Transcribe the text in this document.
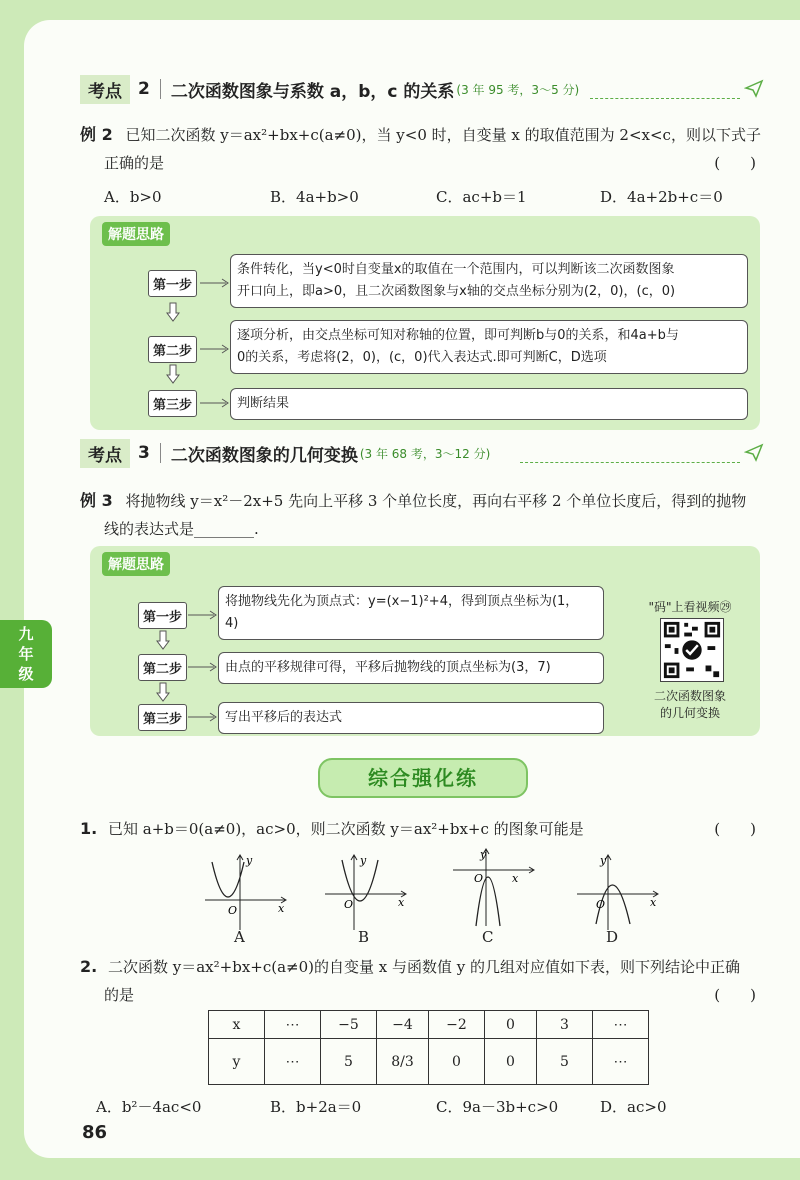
九年级
考点 2 二次函数图象与系数 a，b，c 的关系 (3 年 95 考，3～5 分)
例 2 已知二次函数 y＝ax²+bx+c(a≠0)，当 y<0 时，自变量 x 的取值范围为 2<x<c，则以下式子
正确的是	(　　)
A．b>0	B．4a+b>0	C．ac+b＝1	D．4a+2b+c＝0
解题思路
第一步
条件转化，当y<0时自变量x的取值在一个范围内，可以判断该二次函数图象
开口向上，即a>0，且二次函数图象与x轴的交点坐标分别为(2，0)，(c，0)
第二步
逐项分析，由交点坐标可知对称轴的位置，即可判断b与0的关系，和4a+b与
0的关系，考虑将(2，0)，(c，0)代入表达式.即可判断C，D选项
第三步	判断结果
考点 3 二次函数图象的几何变换 (3 年 68 考，3～12 分)
例 3 将抛物线 y＝x²－2x+5 先向上平移 3 个单位长度，再向右平移 2 个单位长度后，得到的抛物
线的表达式是________.
解题思路
第一步
将抛物线先化为顶点式：y=(x−1)²+4，得到顶点坐标为(1，
4)
第二步	由点的平移规律可得，平移后抛物线的顶点坐标为(3，7)
第三步	写出平移后的表达式
"码"上看视频㉙
二次函数图象
的几何变换
综合强化练
1. 已知 a+b＝0(a≠0)，ac>0，则二次函数 y＝ax²+bx+c 的图象可能是	(　　)
y
x
O
A
y
x
O
B
y
x
O
C
y
x
O
D
2. 二次函数 y＝ax²+bx+c(a≠0)的自变量 x 与函数值 y 的几组对应值如下表，则下列结论中正确
的是	(　　)
x	⋯	−5	−4	−2	0	3	⋯
y	⋯	5	8/3	0	0	5	⋯
A．b²－4ac<0	B．b+2a＝0	C．9a－3b+c>0	D．ac>0
86
